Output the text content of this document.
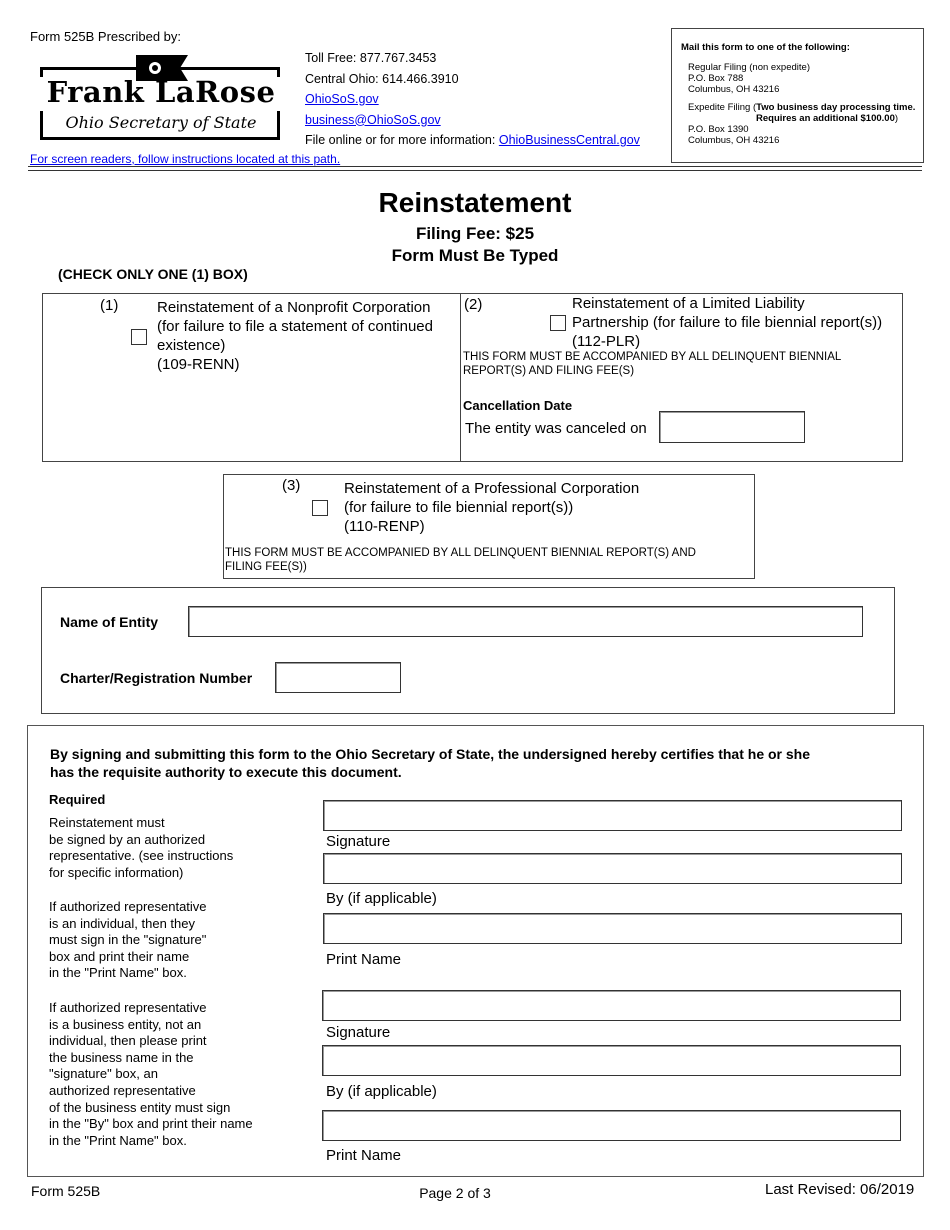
Form 525B Prescribed by:
Frank LaRose
Ohio Secretary of State
Toll Free: 877.767.3453
Central Ohio: 614.466.3910
OhioSoS.gov
business@OhioSoS.gov
File online or for more information: OhioBusinessCentral.gov
For screen readers, follow instructions located at this path.
Mail this form to one of the following:
Regular Filing (non expedite)
P.O. Box 788
Columbus, OH 43216
Expedite Filing (Two business day processing time.
Requires an additional $100.00)
P.O. Box 1390
Columbus, OH 43216
Reinstatement
Filing Fee: $25
Form Must Be Typed
(CHECK ONLY ONE (1) BOX)
(1)	Reinstatement of a Nonprofit Corporation
(for failure to file a statement of continued
existence)
(109-RENN)
(2)	Reinstatement of a Limited Liability
Partnership (for failure to file biennial report(s))
(112-PLR)
THIS FORM MUST BE ACCOMPANIED BY ALL DELINQUENT BIENNIAL
REPORT(S) AND FILING FEE(S)
Cancellation Date
The entity was canceled on
(3)	Reinstatement of a Professional Corporation
(for failure to file biennial report(s))
(110-RENP)
THIS FORM MUST BE ACCOMPANIED BY ALL DELINQUENT BIENNIAL REPORT(S) AND
FILING FEE(S))
Name of Entity
Charter/Registration Number
By signing and submitting this form to the Ohio Secretary of State, the undersigned hereby certifies that he or she
has the requisite authority to execute this document.
Required
Reinstatement must
be signed by an authorized
representative. (see instructions
for specific information)
If authorized representative
is an individual, then they
must sign in the "signature"
box and print their name
in the "Print Name" box.
If authorized representative
is a business entity, not an
individual, then please print
the business name in the
"signature" box, an
authorized representative
of the business entity must sign
in the "By" box and print their name
in the "Print Name" box.
Signature
By (if applicable)
Print Name
Signature
By (if applicable)
Print Name
Form 525B	Page 2 of 3	Last Revised: 06/2019
